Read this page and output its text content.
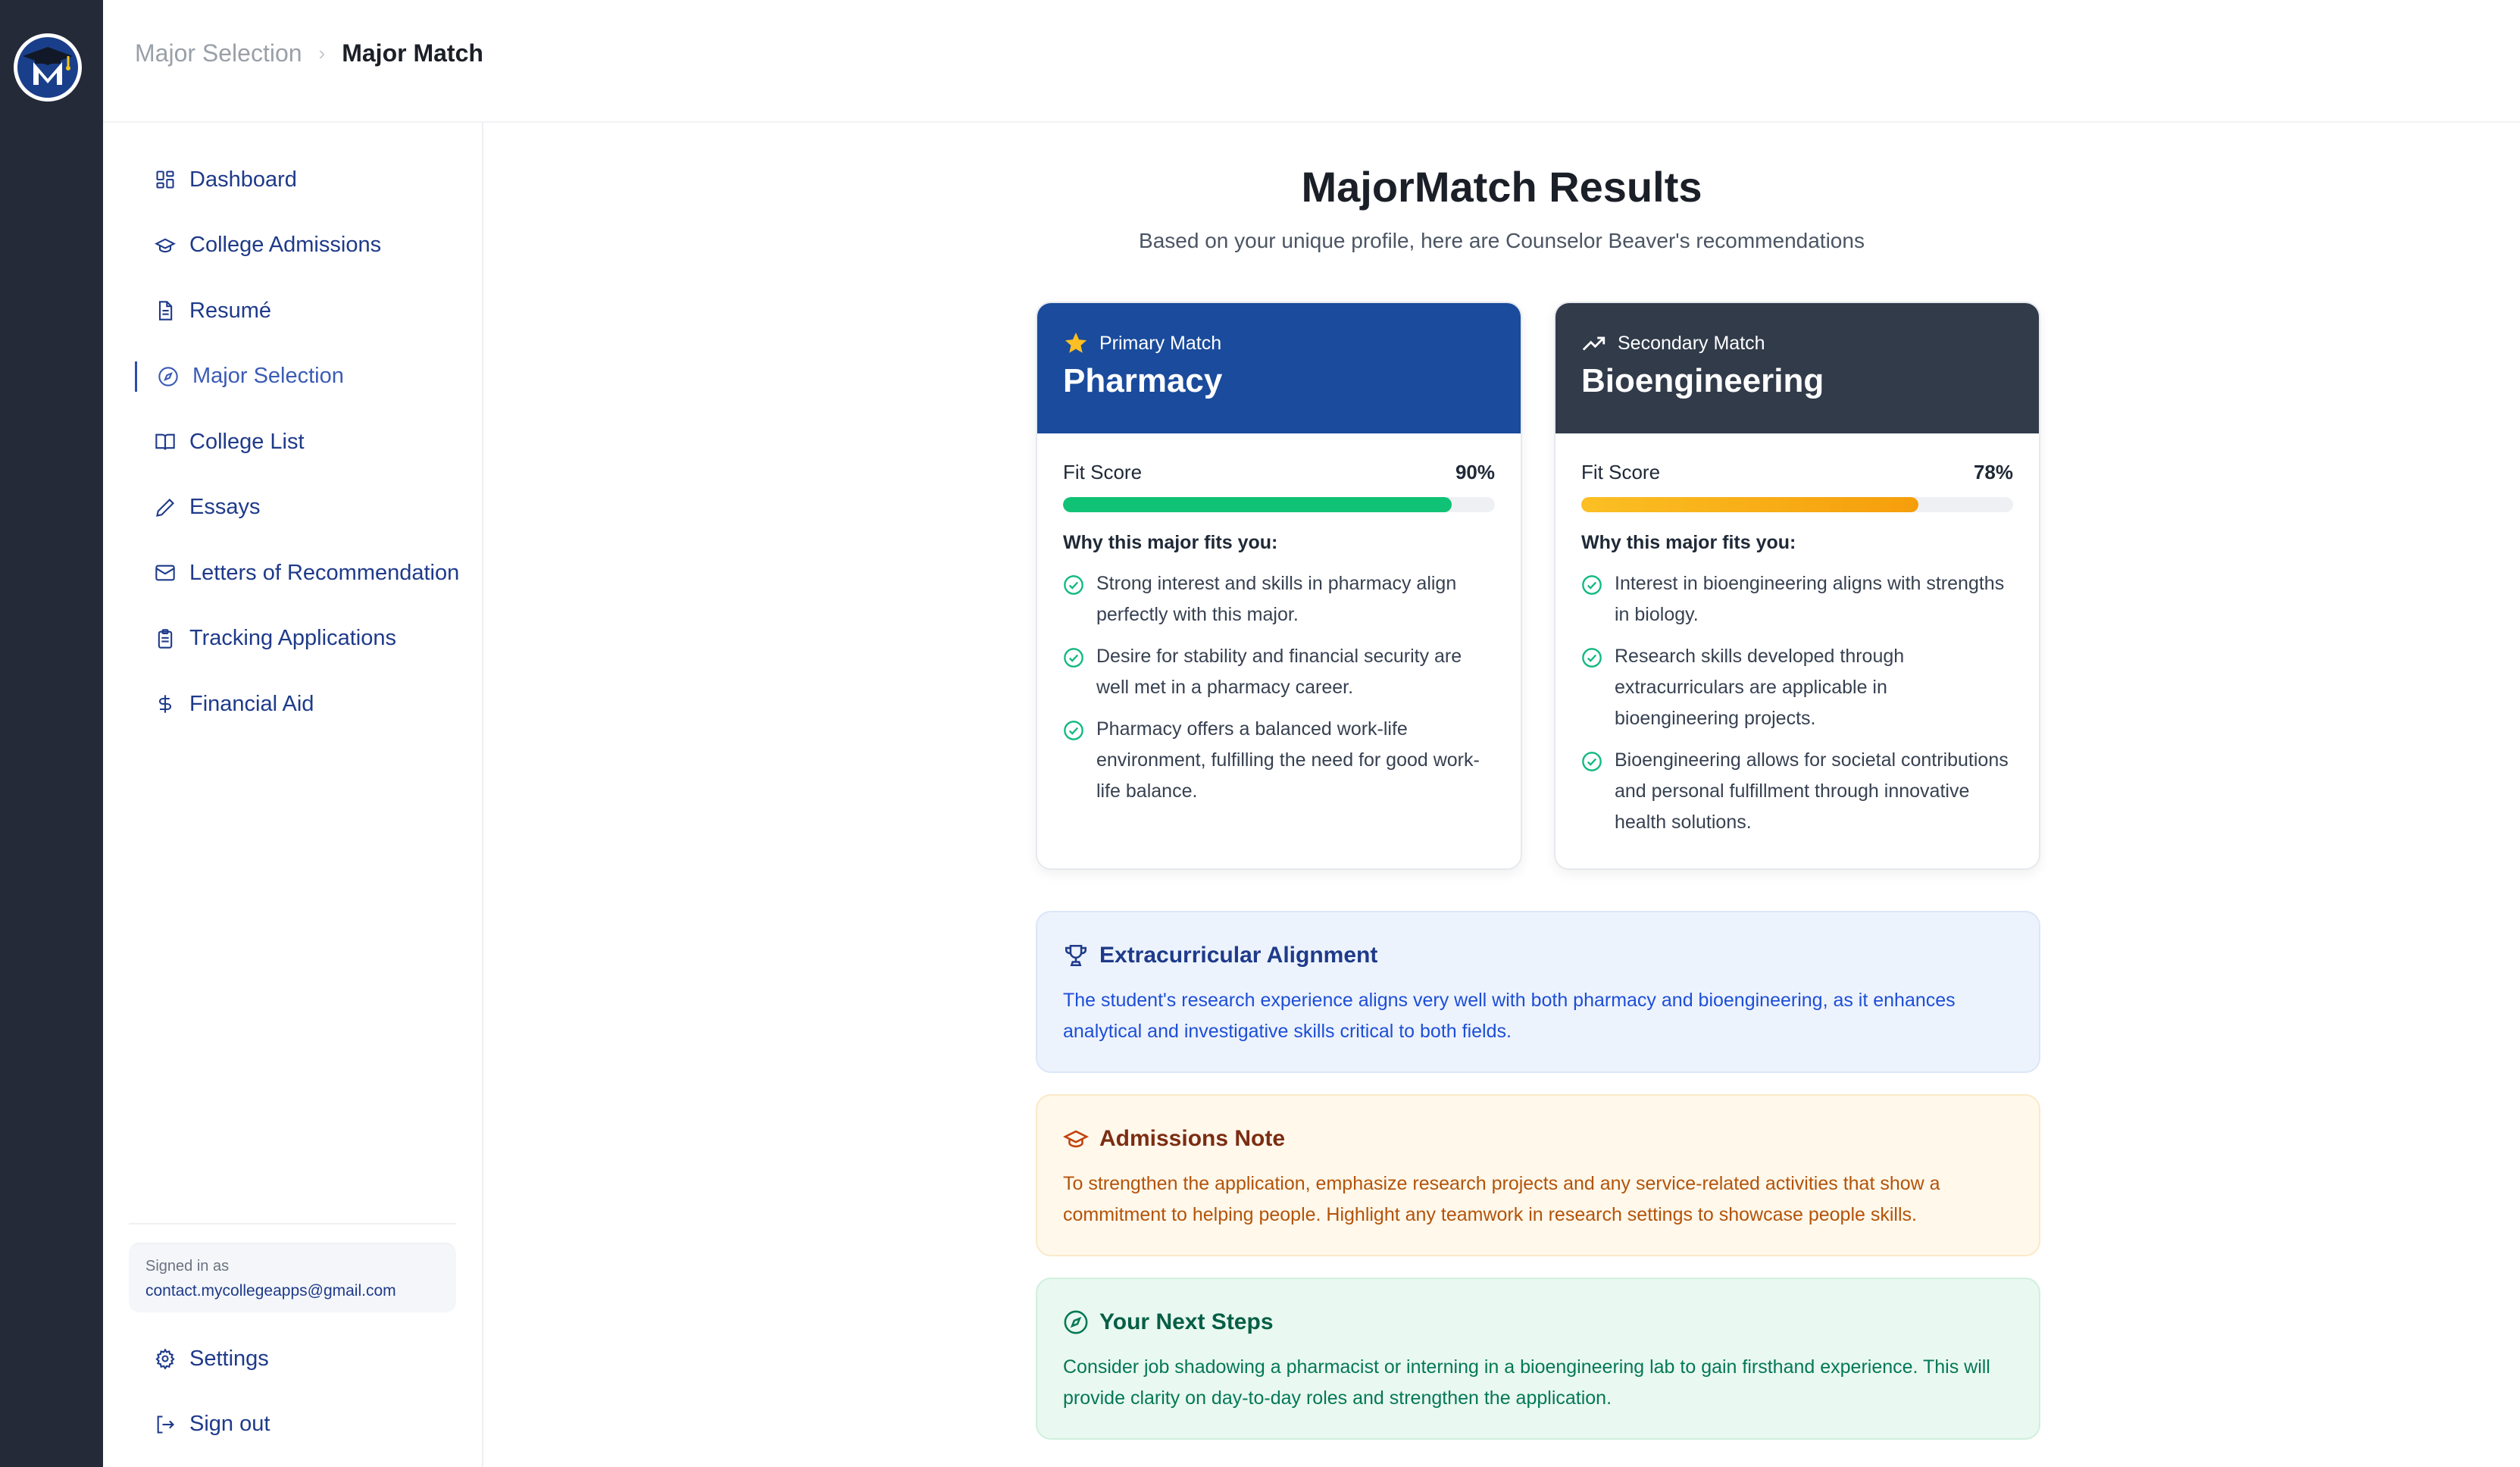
Major Selection › Major Match
Dashboard
College Admissions
Resumé
Major Selection
College List
Essays
Letters of Recommendation
Tracking Applications
Financial Aid
Signed in as
contact.mycollegeapps@gmail.com
Settings
Sign out
MajorMatch Results
Based on your unique profile, here are Counselor Beaver's recommendations
Primary Match
Pharmacy
Fit Score	90%
Why this major fits you:
Strong interest and skills in pharmacy align perfectly with this major.
Desire for stability and financial security are well met in a pharmacy career.
Pharmacy offers a balanced work-life environment, fulfilling the need for good work-life balance.
Secondary Match
Bioengineering
Fit Score	78%
Why this major fits you:
Interest in bioengineering aligns with strengths in biology.
Research skills developed through extracurriculars are applicable in bioengineering projects.
Bioengineering allows for societal contributions and personal fulfillment through innovative health solutions.
Extracurricular Alignment
The student's research experience aligns very well with both pharmacy and bioengineering, as it enhances analytical and investigative skills critical to both fields.
Admissions Note
To strengthen the application, emphasize research projects and any service-related activities that show a commitment to helping people. Highlight any teamwork in research settings to showcase people skills.
Your Next Steps
Consider job shadowing a pharmacist or interning in a bioengineering lab to gain firsthand experience. This will provide clarity on day-to-day roles and strengthen the application.
